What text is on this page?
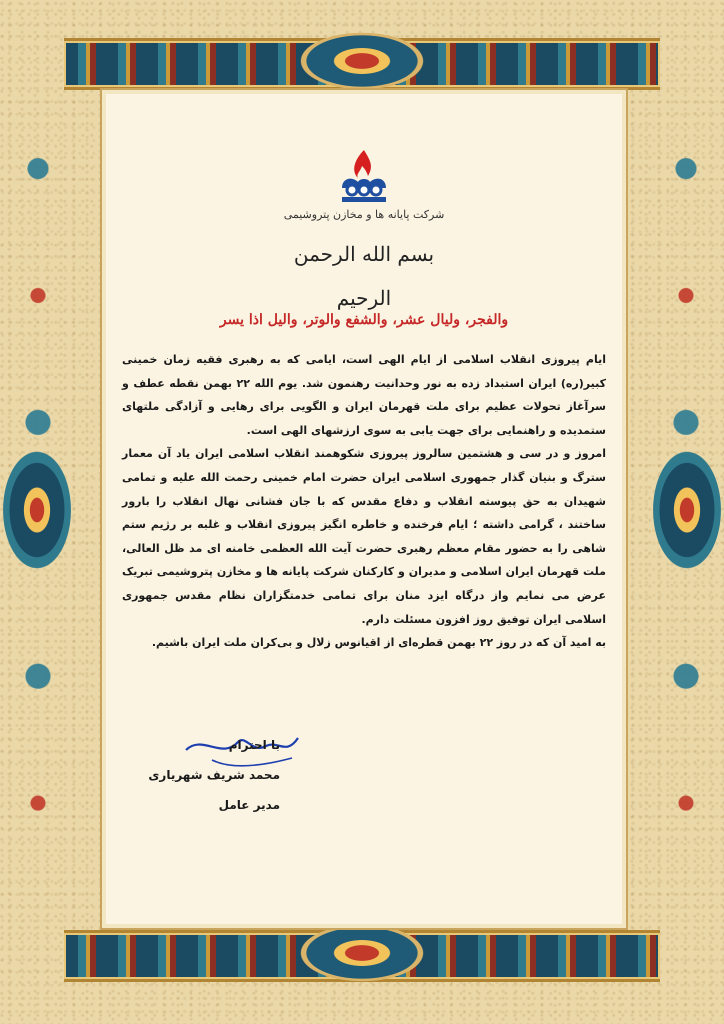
شرکت پایانه ها و مخازن پتروشیمی
بسم الله الرحمن الرحیم
والفجر، ولیال عشر، والشفع والوتر، والیل اذا یسر

ایام پیروزی انقلاب اسلامی از ایام الهی است، ایامی که به رهبری فقیه زمان خمینی کبیر(ره) ایران استبداد زده به نور وحدانیت رهنمون شد. یوم الله ۲۲ بهمن نقطه عطف و سرآغاز تحولات عظیم برای ملت قهرمان ایران و الگویی برای رهایی و آزادگی ملتهای ستمدیده و راهنمایی برای جهت یابی به سوی ارزشهای الهی است.

امروز و در سی و هشتمین سالروز پیروزی شکوهمند انقلاب اسلامی ایران یاد آن معمار سترگ و بنیان گذار جمهوری اسلامی ایران حضرت امام خمینی رحمت الله علیه و تمامی شهیدان به حق پیوسته انقلاب و دفاع مقدس که با جان فشانی نهال انقلاب را بارور ساختند ، گرامی داشته ؛ ایام فرخنده و خاطره انگیز پیروزی انقلاب و غلبه بر رژیم ستم شاهی را به حضور مقام معظم رهبری حضرت آیت الله العظمی خامنه ای مد ظل العالی، ملت قهرمان ایران اسلامی و مدیران و کارکنان شرکت پایانه ها و مخازن پتروشیمی تبریک عرض می نمایم واز درگاه ایزد منان برای تمامی خدمتگزاران نظام مقدس جمهوری اسلامی ایران توفیق روز افزون مسئلت دارم.

به امید آن که در روز ۲۲ بهمن قطره‌ای از اقیانوس زلال و بی‌کران ملت ایران باشیم.

با احترام
محمد شریف شهریاری
مدیر عامل
